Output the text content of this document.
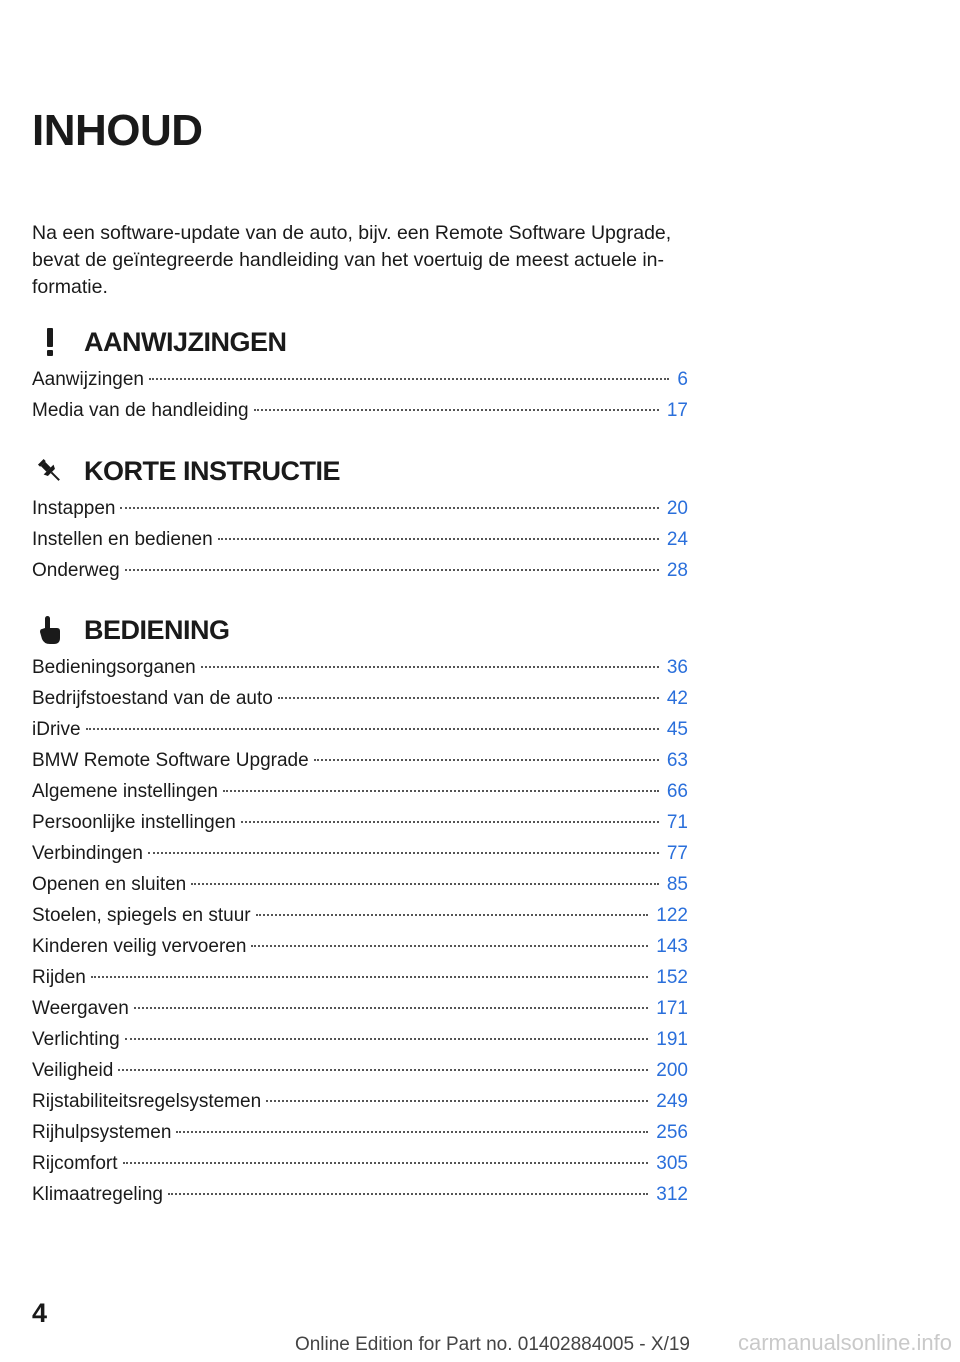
INHOUD

Na een software-update van de auto, bijv. een Remote Software Upgrade, bevat de geïntegreerde handleiding van het voertuig de meest actuele informatie.

AANWIJZINGEN
Aanwijzingen	6
Media van de handleiding	17
KORTE INSTRUCTIE
Instappen	20
Instellen en bedienen	24
Onderweg	28
BEDIENING
Bedieningsorganen	36
Bedrijfstoestand van de auto	42
iDrive	45
BMW Remote Software Upgrade	63
Algemene instellingen	66
Persoonlijke instellingen	71
Verbindingen	77
Openen en sluiten	85
Stoelen, spiegels en stuur	122
Kinderen veilig vervoeren	143
Rijden	152
Weergaven	171
Verlichting	191
Veiligheid	200
Rijstabiliteitsregelsystemen	249
Rijhulpsystemen	256
Rijcomfort	305
Klimaatregeling	312

4

Online Edition for Part no. 01402884005 - X/19 carmanualsonline.info
